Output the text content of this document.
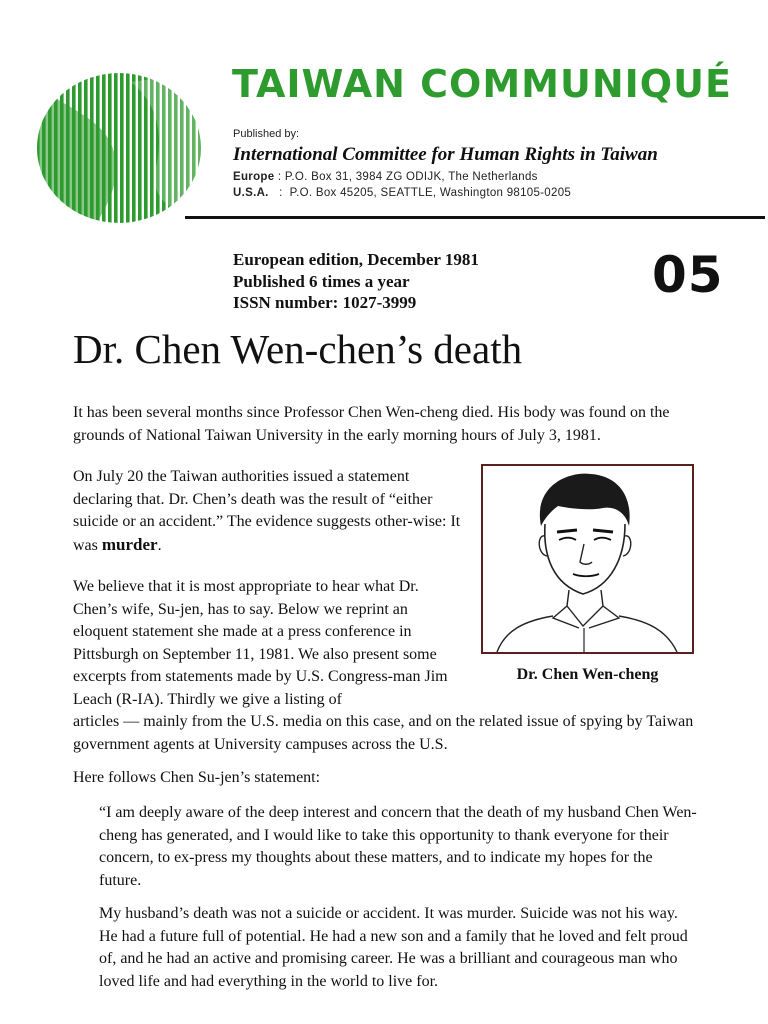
TAIWAN COMMUNIQUÉ
Published by:
International Committee for Human Rights in Taiwan
Europe : P.O. Box 31, 3984 ZG ODIJK, The Netherlands
U.S.A.   :  P.O. Box 45205, SEATTLE, Washington 98105-0205
European edition, December 1981
Published 6 times a year
ISSN number: 1027-3999	05
Dr. Chen Wen-chen’s death

It has been several months since Professor Chen Wen-cheng died. His body was found on the grounds of National Taiwan University in the early morning hours of July 3, 1981.

On July 20 the Taiwan authorities issued a statement declaring that. Dr. Chen’s death was the result of “either suicide or an accident.” The evidence suggests other-wise: It was murder.

We believe that it is most appropriate to hear what Dr. Chen’s wife, Su-jen, has to say. Below we reprint an eloquent statement she made at a press conference in Pittsburgh on September 11, 1981. We also present some excerpts from statements made by U.S. Congress-man Jim Leach (R-IA). Thirdly we give a listing of

articles — mainly from the U.S. media on this case, and on the related issue of spying by Taiwan government agents at University campuses across the U.S.

Here follows Chen Su-jen’s statement:

“I am deeply aware of the deep interest and concern that the death of my husband Chen Wen-cheng has generated, and I would like to take this opportunity to thank everyone for their concern, to ex-press my thoughts about these matters, and to indicate my hopes for the future.

My husband’s death was not a suicide or accident. It was murder. Suicide was not his way. He had a future full of potential. He had a new son and a family that he loved and felt proud of, and he had an active and promising career. He was a brilliant and courageous man who loved life and had everything in the world to live for.

Dr. Chen Wen-cheng
